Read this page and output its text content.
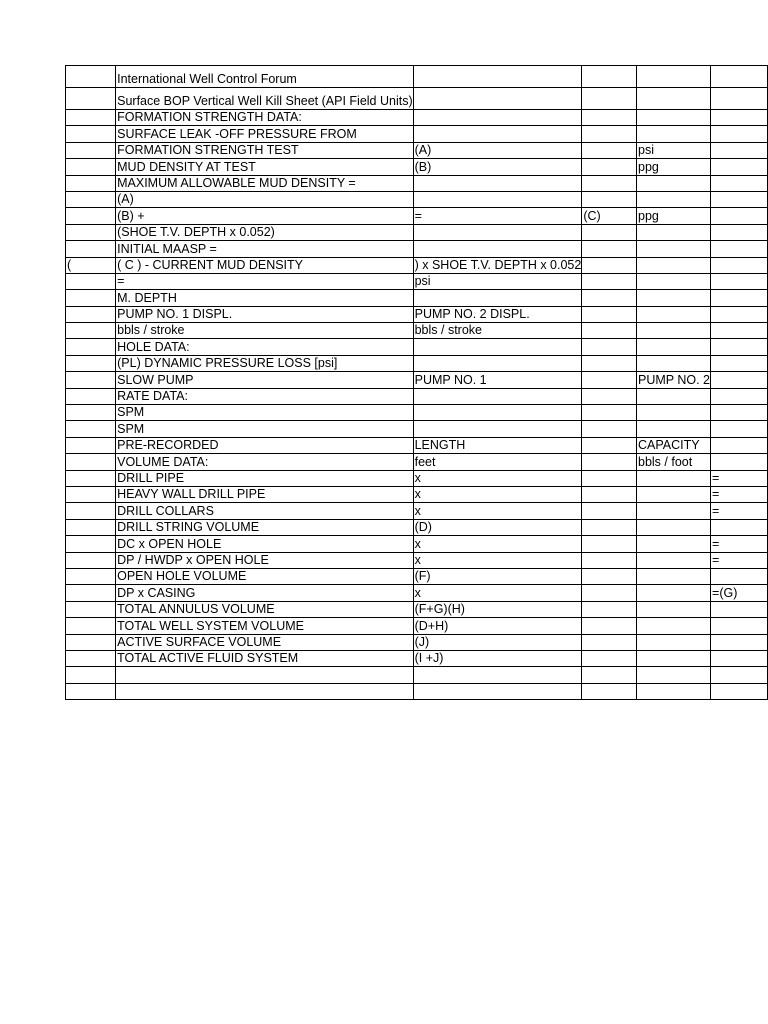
	International Well Control Forum				
	Surface BOP Vertical Well Kill Sheet (API Field Units)				
	FORMATION STRENGTH DATA:				
	SURFACE LEAK -OFF PRESSURE FROM				
	FORMATION STRENGTH TEST	(A)		psi	
	MUD DENSITY AT TEST	(B)		ppg	
	MAXIMUM ALLOWABLE MUD DENSITY =				
	(A)				
	(B) +	=	(C)	ppg	
	(SHOE T.V. DEPTH x 0.052)				
	INITIAL MAASP =				
(	( C ) - CURRENT MUD DENSITY	) x SHOE T.V. DEPTH x 0.052			
	=	psi			
	M. DEPTH				
	PUMP NO. 1 DISPL.	PUMP NO. 2 DISPL.			
	bbls / stroke	bbls / stroke			
	HOLE DATA:				
	(PL) DYNAMIC PRESSURE LOSS [psi]				
	SLOW PUMP	PUMP NO. 1		PUMP NO. 2	
	RATE DATA:				
	SPM				
	SPM				
	PRE-RECORDED	LENGTH		CAPACITY	
	VOLUME DATA:	feet		bbls / foot	
	DRILL PIPE	x			=
	HEAVY WALL DRILL PIPE	x			=
	DRILL COLLARS	x			=
	DRILL STRING VOLUME	(D)			
	DC x OPEN HOLE	x			=
	DP / HWDP x OPEN HOLE	x			=
	OPEN HOLE VOLUME	(F)			
	DP x CASING	x			=(G)
	TOTAL ANNULUS VOLUME	(F+G)(H)			
	TOTAL WELL SYSTEM VOLUME	(D+H)			
	ACTIVE SURFACE VOLUME	(J)			
	TOTAL ACTIVE FLUID SYSTEM	(I +J)			
